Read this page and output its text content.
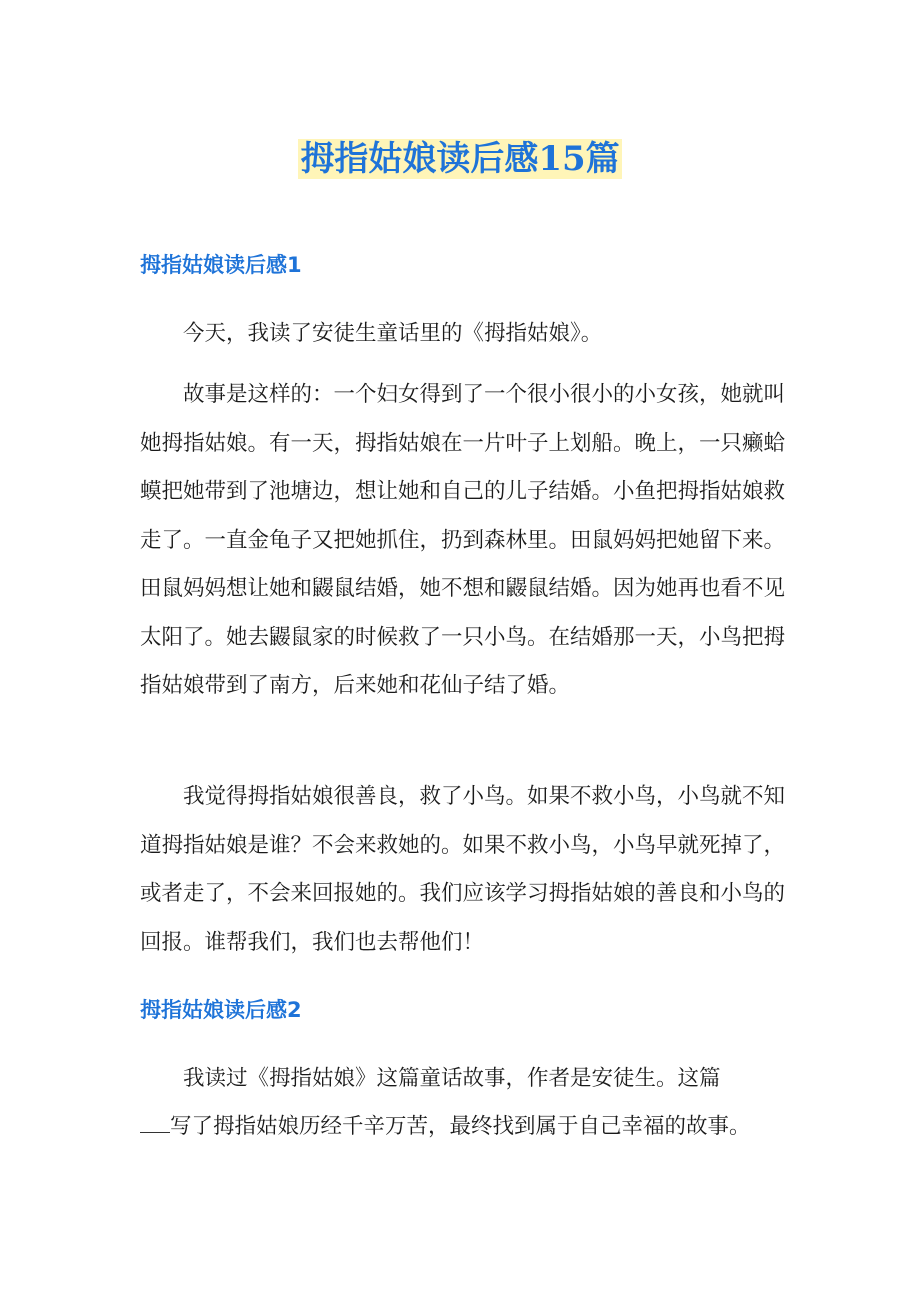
拇指姑娘读后感15篇
拇指姑娘读后感1

今天，我读了安徒生童话里的《拇指姑娘》。

故事是这样的：一个妇女得到了一个很小很小的小女孩，她就叫她拇指姑娘。有一天，拇指姑娘在一片叶子上划船。晚上，一只癞蛤蟆把她带到了池塘边，想让她和自己的儿子结婚。小鱼把拇指姑娘救走了。一直金龟子又把她抓住，扔到森林里。田鼠妈妈把她留下来。田鼠妈妈想让她和鼹鼠结婚，她不想和鼹鼠结婚。因为她再也看不见太阳了。她去鼹鼠家的时候救了一只小鸟。在结婚那一天，小鸟把拇指姑娘带到了南方，后来她和花仙子结了婚。

我觉得拇指姑娘很善良，救了小鸟。如果不救小鸟，小鸟就不知道拇指姑娘是谁？不会来救她的。如果不救小鸟，小鸟早就死掉了，或者走了，不会来回报她的。我们应该学习拇指姑娘的善良和小鸟的回报。谁帮我们，我们也去帮他们！

拇指姑娘读后感2

我读过《拇指姑娘》这篇童话故事，作者是安徒生。这篇

写了拇指姑娘历经千辛万苦，最终找到属于自己幸福的故事。
